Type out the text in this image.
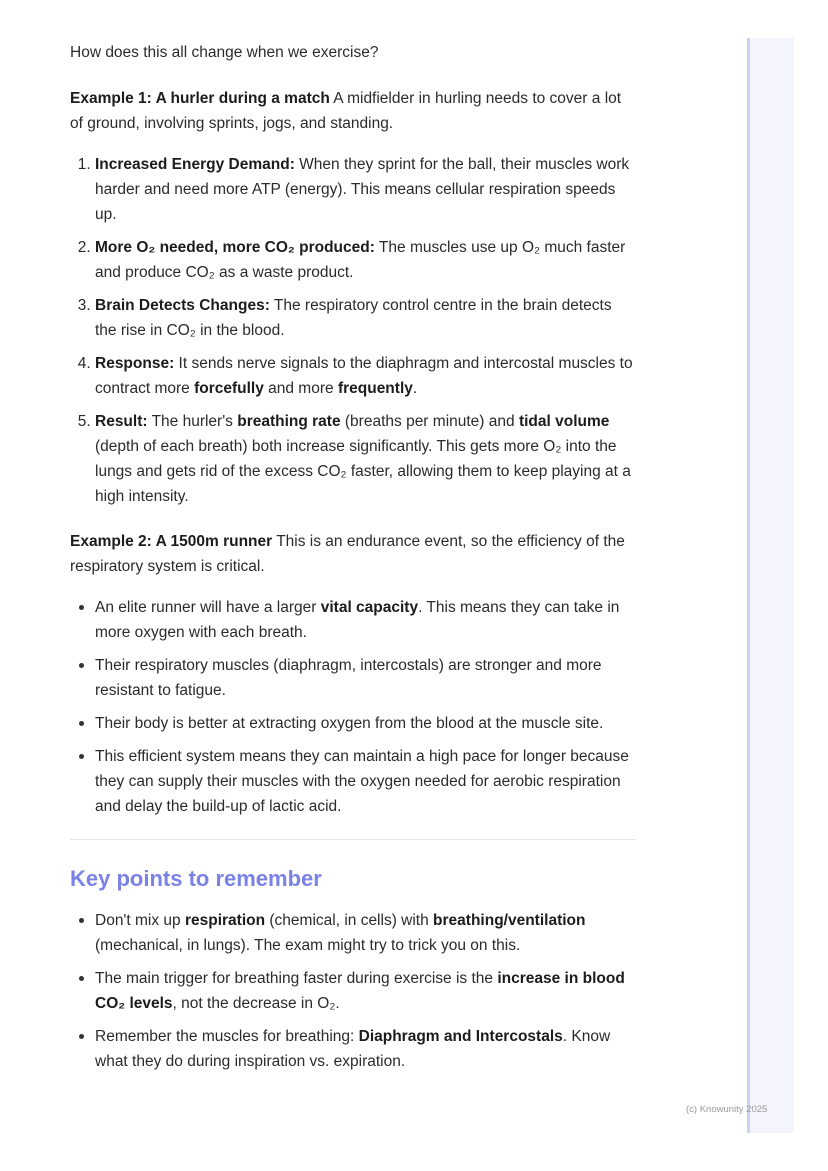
How does this all change when we exercise?

Example 1: A hurler during a match A midfielder in hurling needs to cover a lot of ground, involving sprints, jogs, and standing.

1. Increased Energy Demand: When they sprint for the ball, their muscles work harder and need more ATP (energy). This means cellular respiration speeds up.
2. More O₂ needed, more CO₂ produced: The muscles use up O₂ much faster and produce CO₂ as a waste product.
3. Brain Detects Changes: The respiratory control centre in the brain detects the rise in CO₂ in the blood.
4. Response: It sends nerve signals to the diaphragm and intercostal muscles to contract more forcefully and more frequently.
5. Result: The hurler's breathing rate (breaths per minute) and tidal volume (depth of each breath) both increase significantly. This gets more O₂ into the lungs and gets rid of the excess CO₂ faster, allowing them to keep playing at a high intensity.

Example 2: A 1500m runner This is an endurance event, so the efficiency of the respiratory system is critical.

An elite runner will have a larger vital capacity. This means they can take in more oxygen with each breath.
Their respiratory muscles (diaphragm, intercostals) are stronger and more resistant to fatigue.
Their body is better at extracting oxygen from the blood at the muscle site.
This efficient system means they can maintain a high pace for longer because they can supply their muscles with the oxygen needed for aerobic respiration and delay the build-up of lactic acid.
Key points to remember
Don't mix up respiration (chemical, in cells) with breathing/ventilation (mechanical, in lungs). The exam might try to trick you on this.
The main trigger for breathing faster during exercise is the increase in blood CO₂ levels, not the decrease in O₂.
Remember the muscles for breathing: Diaphragm and Intercostals. Know what they do during inspiration vs. expiration.
(c) Knowunity 2025
